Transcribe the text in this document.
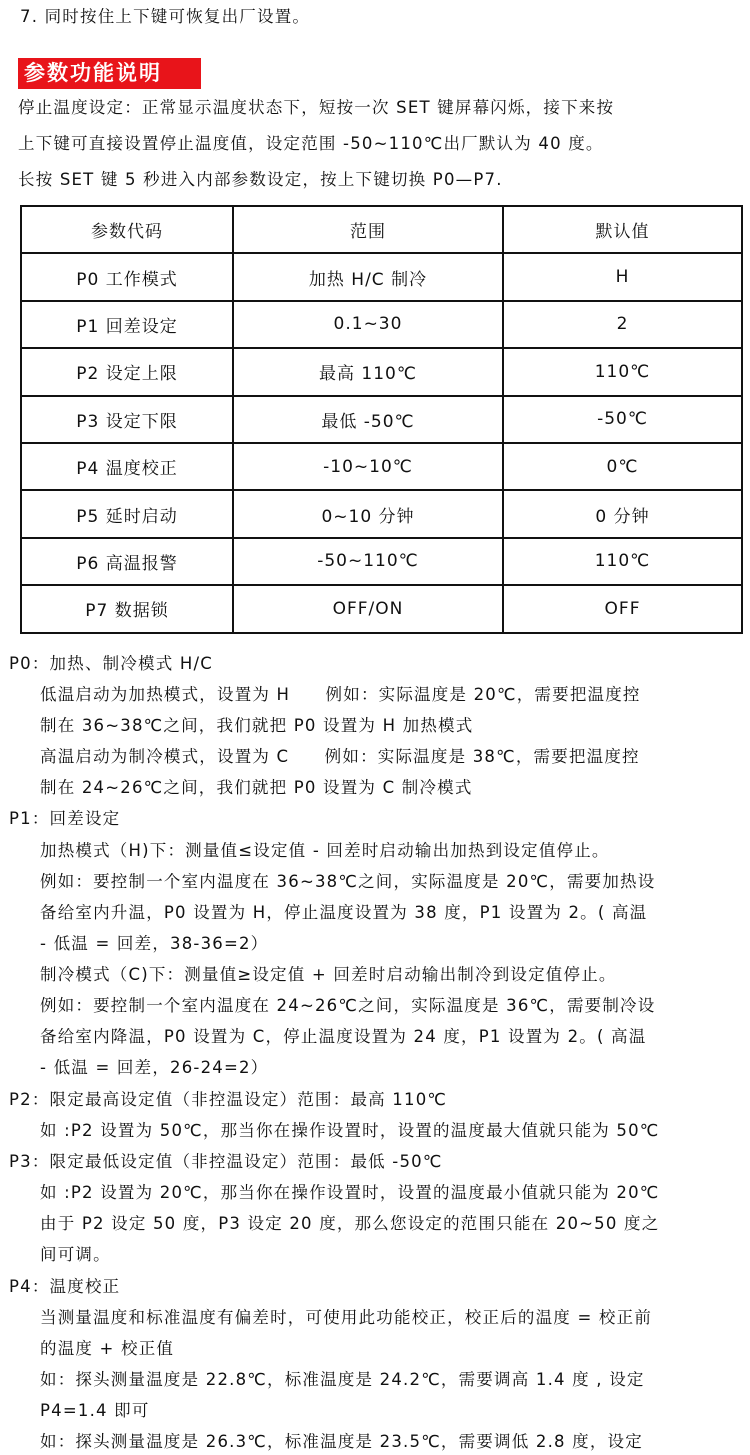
7. 同时按住上下键可恢复出厂设置。
参数功能说明
停止温度设定：正常显示温度状态下，短按一次 SET 键屏幕闪烁，接下来按
上下键可直接设置停止温度值，设定范围 -50~110℃出厂默认为 40 度。
长按 SET 键 5 秒进入内部参数设定，按上下键切换 P0—P7.
参数代码	范围	默认值
P0 工作模式	加热 H/C 制冷	H
P1 回差设定	0.1~30	2
P2 设定上限	最高 110℃	110℃
P3 设定下限	最低 -50℃	-50℃
P4 温度校正	-10~10℃	0℃
P5 延时启动	0~10 分钟	0 分钟
P6 高温报警	-50~110℃	110℃
P7 数据锁	OFF/ON	OFF
P0：加热、制冷模式 H/C
低温启动为加热模式，设置为 H　　例如：实际温度是 20℃，需要把温度控
制在 36~38℃之间，我们就把 P0 设置为 H 加热模式
高温启动为制冷模式，设置为 C　　例如：实际温度是 38℃，需要把温度控
制在 24~26℃之间，我们就把 P0 设置为 C 制冷模式
P1：回差设定
加热模式（H)下：测量值≤设定值 - 回差时启动输出加热到设定值停止。
例如：要控制一个室内温度在 36~38℃之间，实际温度是 20℃，需要加热设
备给室内升温，P0 设置为 H，停止温度设置为 38 度，P1 设置为 2。( 高温
- 低温 = 回差，38-36=2）
制冷模式（C)下：测量值≥设定值 + 回差时启动输出制冷到设定值停止。
例如：要控制一个室内温度在 24~26℃之间，实际温度是 36℃，需要制冷设
备给室内降温，P0 设置为 C，停止温度设置为 24 度，P1 设置为 2。( 高温
- 低温 = 回差，26-24=2）
P2：限定最高设定值（非控温设定）范围：最高 110℃
如 :P2 设置为 50℃，那当你在操作设置时，设置的温度最大值就只能为 50℃
P3：限定最低设定值（非控温设定）范围：最低 -50℃
如 :P2 设置为 20℃，那当你在操作设置时，设置的温度最小值就只能为 20℃
由于 P2 设定 50 度，P3 设定 20 度，那么您设定的范围只能在 20~50 度之
间可调。
P4：温度校正
当测量温度和标准温度有偏差时，可使用此功能校正，校正后的温度 = 校正前
的温度 + 校正值
如：探头测量温度是 22.8℃，标准温度是 24.2℃，需要调高 1.4 度 , 设定
P4=1.4 即可
如：探头测量温度是 26.3℃，标准温度是 23.5℃，需要调低 2.8 度，设定
